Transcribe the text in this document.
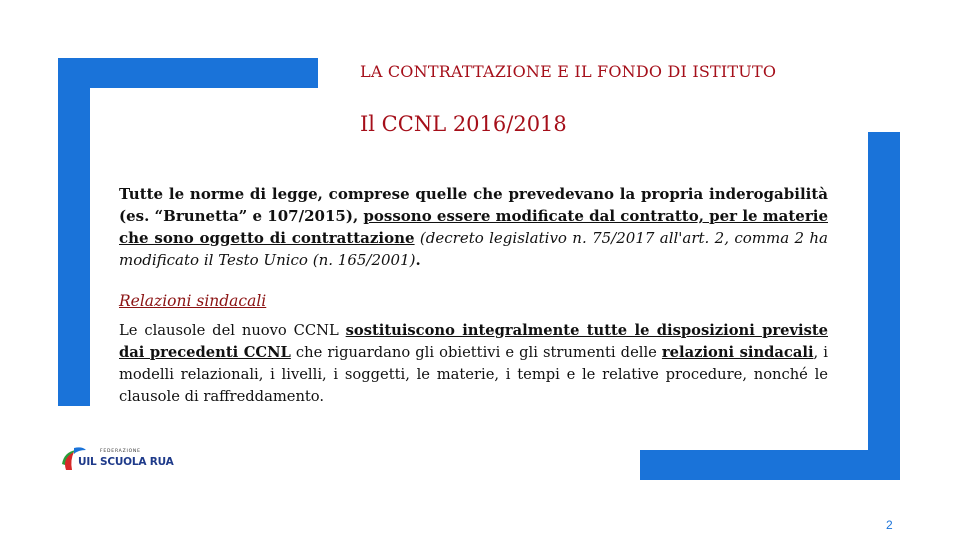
LA CONTRATTAZIONE E IL FONDO DI ISTITUTO
Il CCNL 2016/2018
Tutte le norme di legge, comprese quelle che prevedevano la propria inderogabilità (es. “Brunetta” e 107/2015), possono essere modificate dal contratto, per le materie che sono oggetto di contrattazione (decreto legislativo n. 75/2017 all'art. 2, comma 2 ha modificato il Testo Unico (n. 165/2001).
Relazioni sindacali
Le clausole del nuovo CCNL sostituiscono integralmente tutte le disposizioni previste dai precedenti CCNL che riguardano gli obiettivi e gli strumenti delle relazioni sindacali, i modelli relazionali, i livelli, i soggetti, le materie, i tempi e le relative procedure, nonché le clausole di raffreddamento.
FEDERAZIONE
UIL SCUOLA RUA
2
